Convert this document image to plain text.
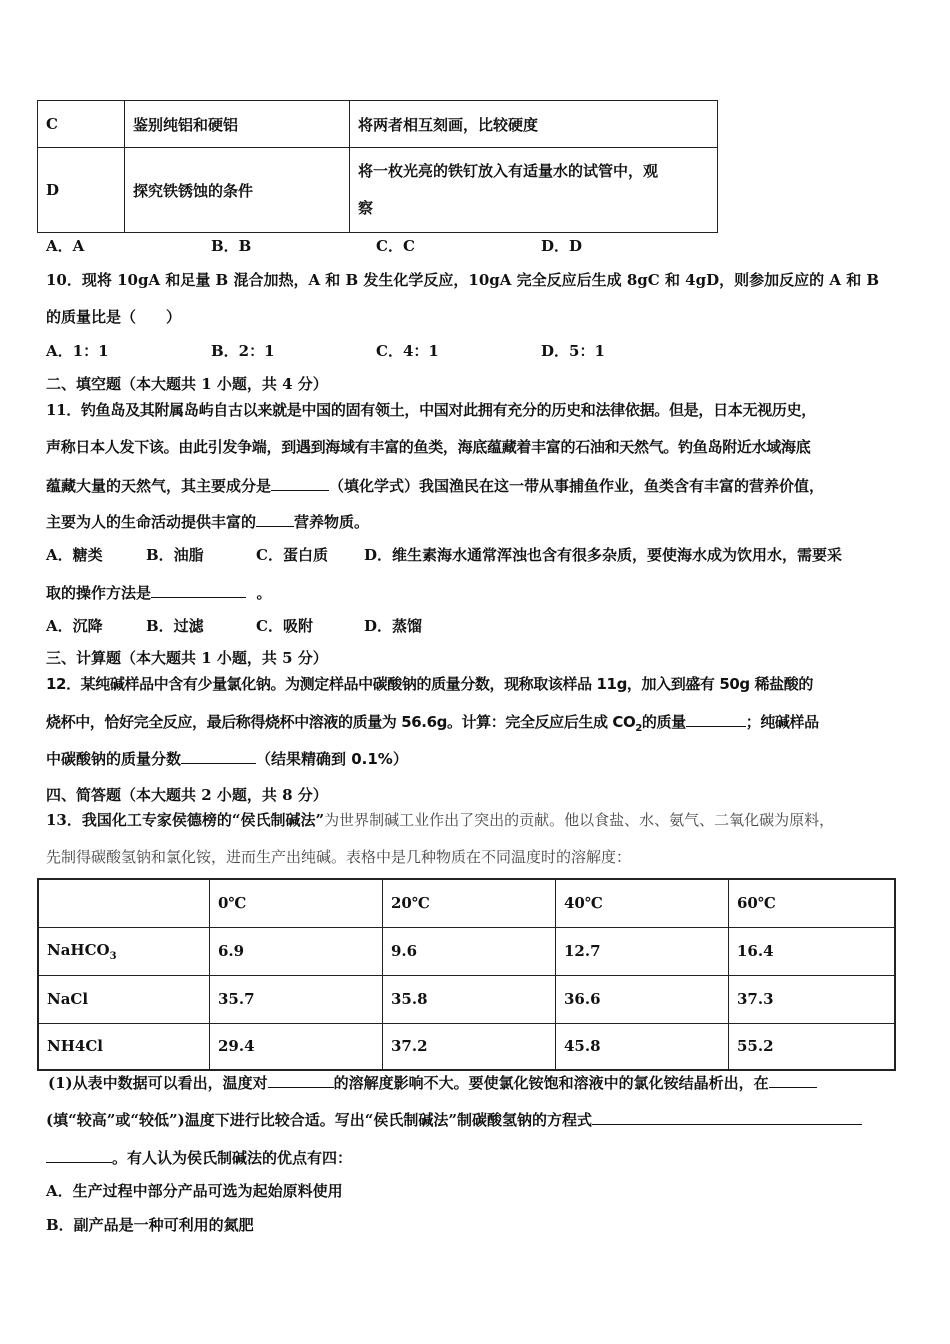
C	鉴别纯铝和硬铝	将两者相互刻画，比较硬度
D	探究铁锈蚀的条件	将一枚光亮的铁钉放入有适量水的试管中，观
察
A．A	B．B	C．C	D．D
10．现将 10gA 和足量 B 混合加热，A 和 B 发生化学反应，10gA 完全反应后生成 8gC 和 4gD，则参加反应的 A 和 B
的质量比是（　　）
A．1：1	B．2：1	C．4：1	D．5：1
二、填空题（本大题共 1 小题，共 4 分）
11．钓鱼岛及其附属岛屿自古以来就是中国的固有领土，中国对此拥有充分的历史和法律依据。但是，日本无视历史，
声称日本人发下该。由此引发争端，到遇到海域有丰富的鱼类，海底蕴藏着丰富的石油和天然气。钓鱼岛附近水域海底
蕴藏大量的天然气，其主要成分是	（填化学式）我国渔民在这一带从事捕鱼作业，鱼类含有丰富的营养价值，
主要为人的生命活动提供丰富的	营养物质。
A．糖类	B．油脂	C．蛋白质 D．维生素海水通常浑浊也含有很多杂质，要使海水成为饮用水，需要采
取的操作方法是	。
A．沉降	B．过滤	C．吸附	D．蒸馏
三、计算题（本大题共 1 小题，共 5 分）
12．某纯碱样品中含有少量氯化钠。为测定样品中碳酸钠的质量分数，现称取该样品 11g，加入到盛有 50g 稀盐酸的
烧杯中，恰好完全反应，最后称得烧杯中溶液的质量为 56.6g。计算：完全反应后生成 $CO_2$的质量	；纯碱样品
中碳酸钠的质量分数	（结果精确到 0.1%）
四、简答题（本大题共 2 小题，共 8 分）
13．我国化工专家侯德榜的“侯氏制碱法”为世界制碱工业作出了突出的贡献。他以食盐、水、氨气、二氧化碳为原料，
先制得碳酸氢钠和氯化铵，进而生产出纯碱。表格中是几种物质在不同温度时的溶解度：
	0℃	20℃	40℃	60℃
NaHCO$_3$	6.9	9.6	12.7	16.4
NaCl	35.7	35.8	36.6	37.3
NH4Cl	29.4	37.2	45.8	55.2
(1)从表中数据可以看出，温度对	的溶解度影响不大。要使氯化铵饱和溶液中的氯化铵结晶析出，在
(填“较高”或“较低”)温度下进行比较合适。写出“侯氏制碱法”制碳酸氢钠的方程式
。有人认为侯氏制碱法的优点有四：
A．生产过程中部分产品可选为起始原料使用
B．副产品是一种可利用的氮肥
